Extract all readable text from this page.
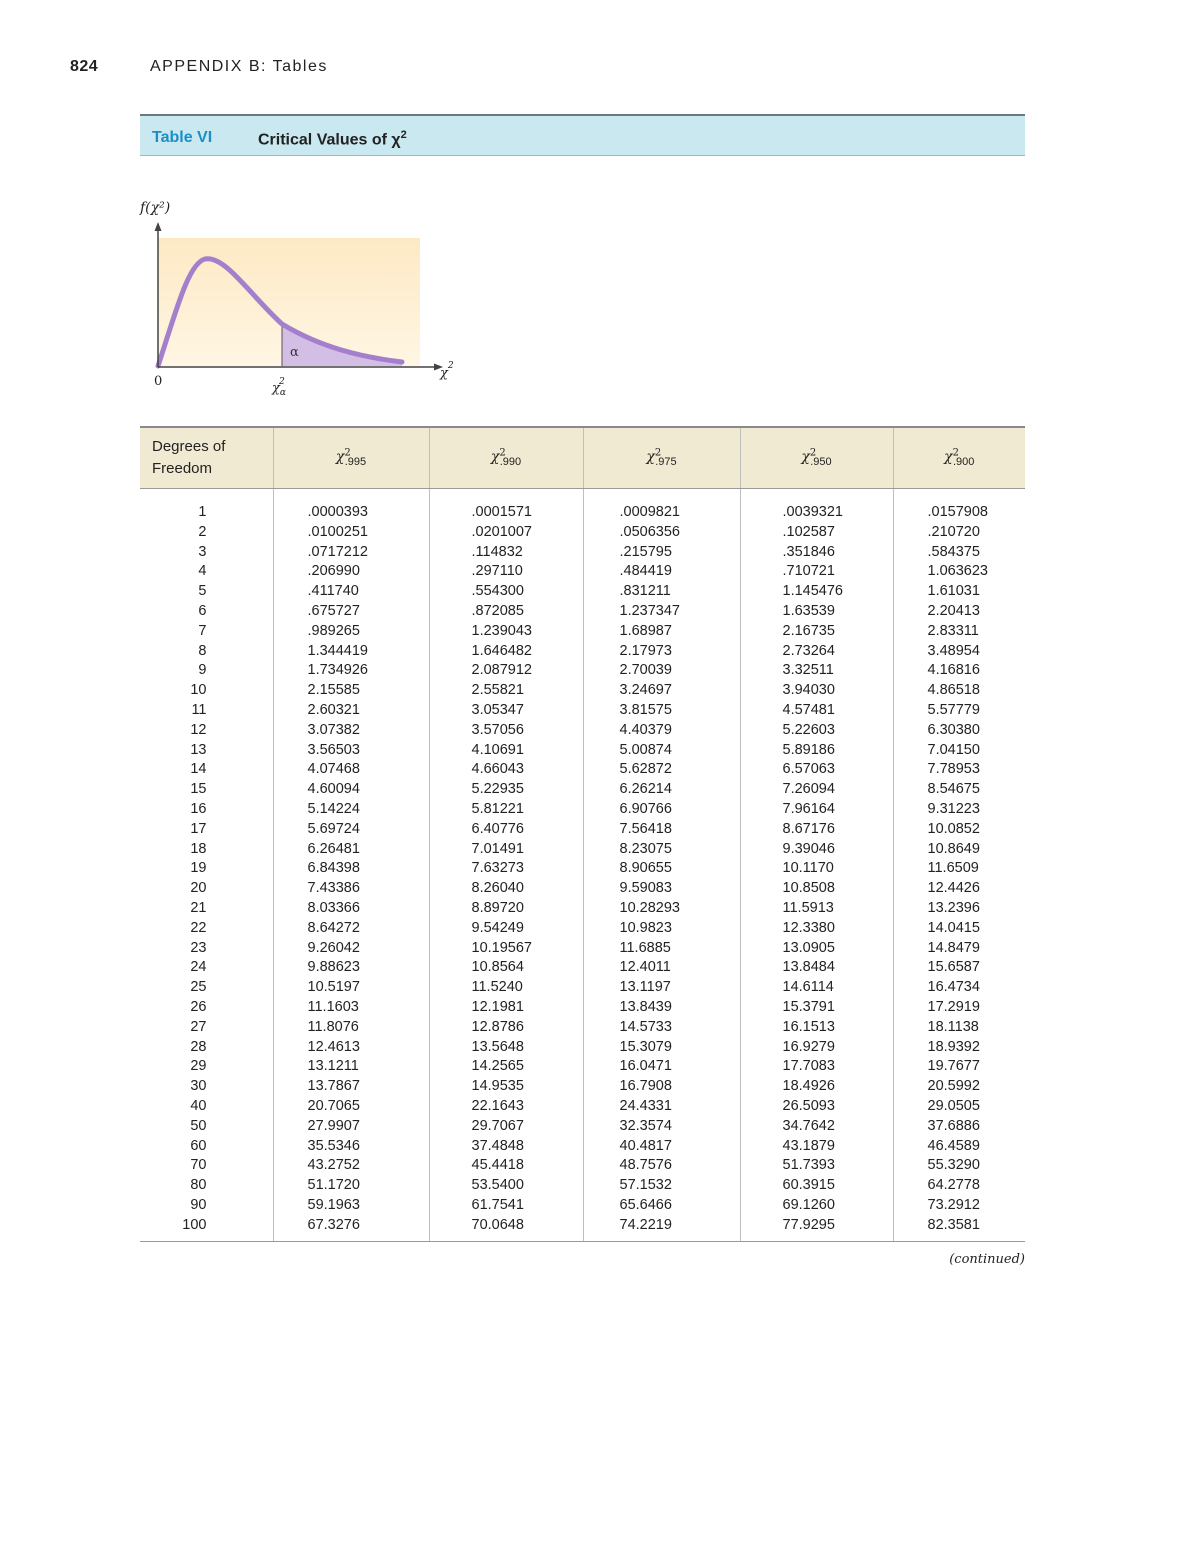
824	APPENDIX B: Tables
Table VI	Critical Values of $\chi^2$
f(χ²)
0
α
$\chi_\alpha 2$
$\chi^2$
Degrees of
Freedom	$\chi^2_{.995}$	$\chi^2_{.990}$	$\chi^2_{.975}$	$\chi^2_{.950}$	$\chi^2_{.900}$
1	.0000393	.0001571	.0009821	.0039321	.0157908
2	.0100251	.0201007	.0506356	.102587	.210720
3	.0717212	.114832	.215795	.351846	.584375
4	.206990	.297110	.484419	.710721	1.063623
5	.411740	.554300	.831211	1.145476	1.61031
6	.675727	.872085	1.237347	1.63539	2.20413
7	.989265	1.239043	1.68987	2.16735	2.83311
8	1.344419	1.646482	2.17973	2.73264	3.48954
9	1.734926	2.087912	2.70039	3.32511	4.16816
10	2.15585	2.55821	3.24697	3.94030	4.86518
11	2.60321	3.05347	3.81575	4.57481	5.57779
12	3.07382	3.57056	4.40379	5.22603	6.30380
13	3.56503	4.10691	5.00874	5.89186	7.04150
14	4.07468	4.66043	5.62872	6.57063	7.78953
15	4.60094	5.22935	6.26214	7.26094	8.54675
16	5.14224	5.81221	6.90766	7.96164	9.31223
17	5.69724	6.40776	7.56418	8.67176	10.0852
18	6.26481	7.01491	8.23075	9.39046	10.8649
19	6.84398	7.63273	8.90655	10.1170	11.6509
20	7.43386	8.26040	9.59083	10.8508	12.4426
21	8.03366	8.89720	10.28293	11.5913	13.2396
22	8.64272	9.54249	10.9823	12.3380	14.0415
23	9.26042	10.19567	11.6885	13.0905	14.8479
24	9.88623	10.8564	12.4011	13.8484	15.6587
25	10.5197	11.5240	13.1197	14.6114	16.4734
26	11.1603	12.1981	13.8439	15.3791	17.2919
27	11.8076	12.8786	14.5733	16.1513	18.1138
28	12.4613	13.5648	15.3079	16.9279	18.9392
29	13.1211	14.2565	16.0471	17.7083	19.7677
30	13.7867	14.9535	16.7908	18.4926	20.5992
40	20.7065	22.1643	24.4331	26.5093	29.0505
50	27.9907	29.7067	32.3574	34.7642	37.6886
60	35.5346	37.4848	40.4817	43.1879	46.4589
70	43.2752	45.4418	48.7576	51.7393	55.3290
80	51.1720	53.5400	57.1532	60.3915	64.2778
90	59.1963	61.7541	65.6466	69.1260	73.2912
100	67.3276	70.0648	74.2219	77.9295	82.3581
(continued)
